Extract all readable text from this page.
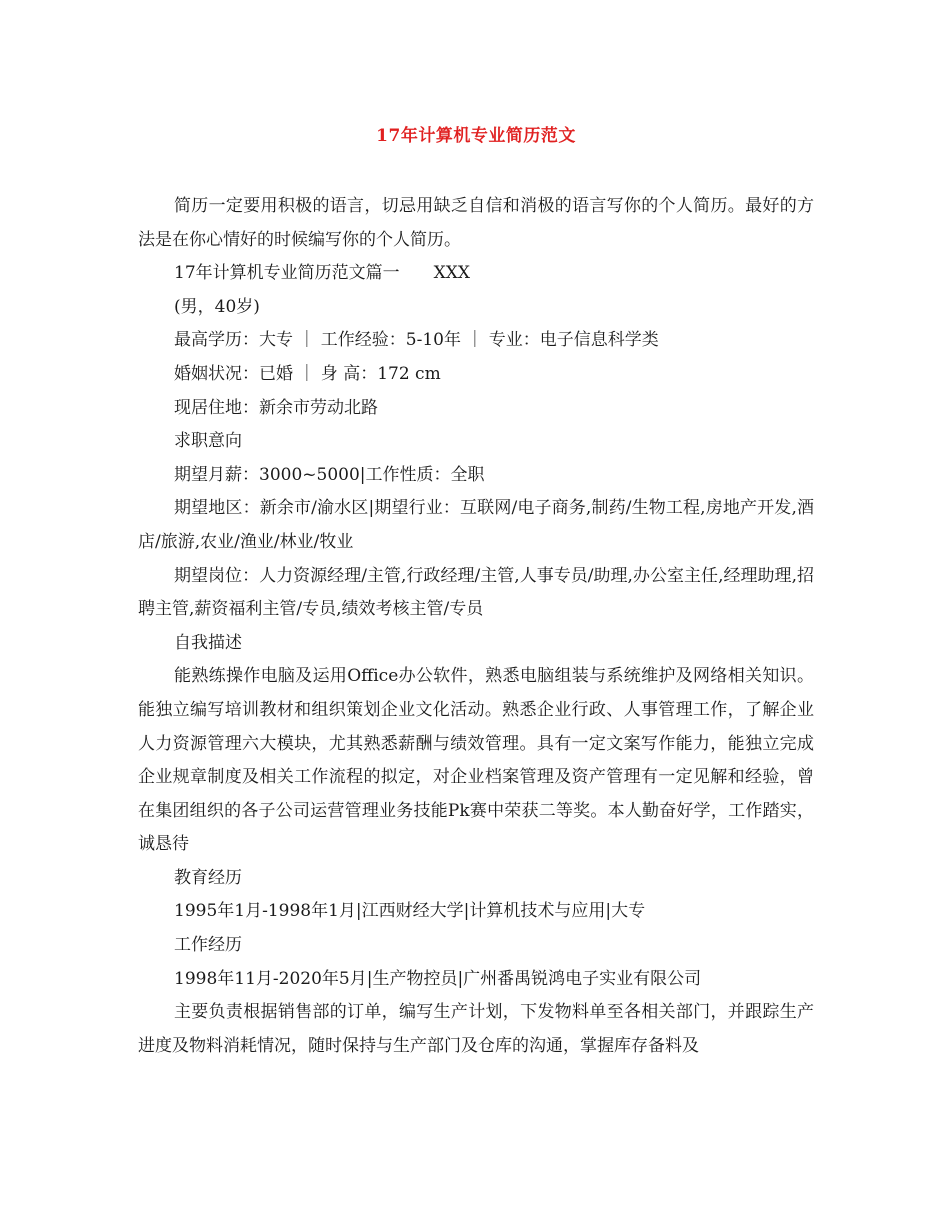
17年计算机专业简历范文

简历一定要用积极的语言，切忌用缺乏自信和消极的语言写你的个人简历。最好的方法是在你心情好的时候编写你的个人简历。

17年计算机专业简历范文篇一　　XXX

(男，40岁)

最高学历：大专 ｜ 工作经验：5-10年 ｜ 专业：电子信息科学类

婚姻状况：已婚 ｜ 身 高：172 cm

现居住地：新余市劳动北路

求职意向

期望月薪：3000~5000|工作性质：全职

期望地区：新余市/渝水区|期望行业：互联网/电子商务,制药/生物工程,房地产开发,酒店/旅游,农业/渔业/林业/牧业

期望岗位：人力资源经理/主管,行政经理/主管,人事专员/助理,办公室主任,经理助理,招聘主管,薪资福利主管/专员,绩效考核主管/专员

自我描述

能熟练操作电脑及运用Office办公软件，熟悉电脑组装与系统维护及网络相关知识。能独立编写培训教材和组织策划企业文化活动。熟悉企业行政、人事管理工作，了解企业人力资源管理六大模块，尤其熟悉薪酬与绩效管理。具有一定文案写作能力，能独立完成企业规章制度及相关工作流程的拟定，对企业档案管理及资产管理有一定见解和经验，曾在集团组织的各子公司运营管理业务技能Pk赛中荣获二等奖。本人勤奋好学，工作踏实，诚恳待

教育经历

1995年1月-1998年1月|江西财经大学|计算机技术与应用|大专

工作经历

1998年11月-2020年5月|生产物控员|广州番禺锐鸿电子实业有限公司

主要负责根据销售部的订单，编写生产计划，下发物料单至各相关部门，并跟踪生产进度及物料消耗情况，随时保持与生产部门及仓库的沟通，掌握库存备料及
